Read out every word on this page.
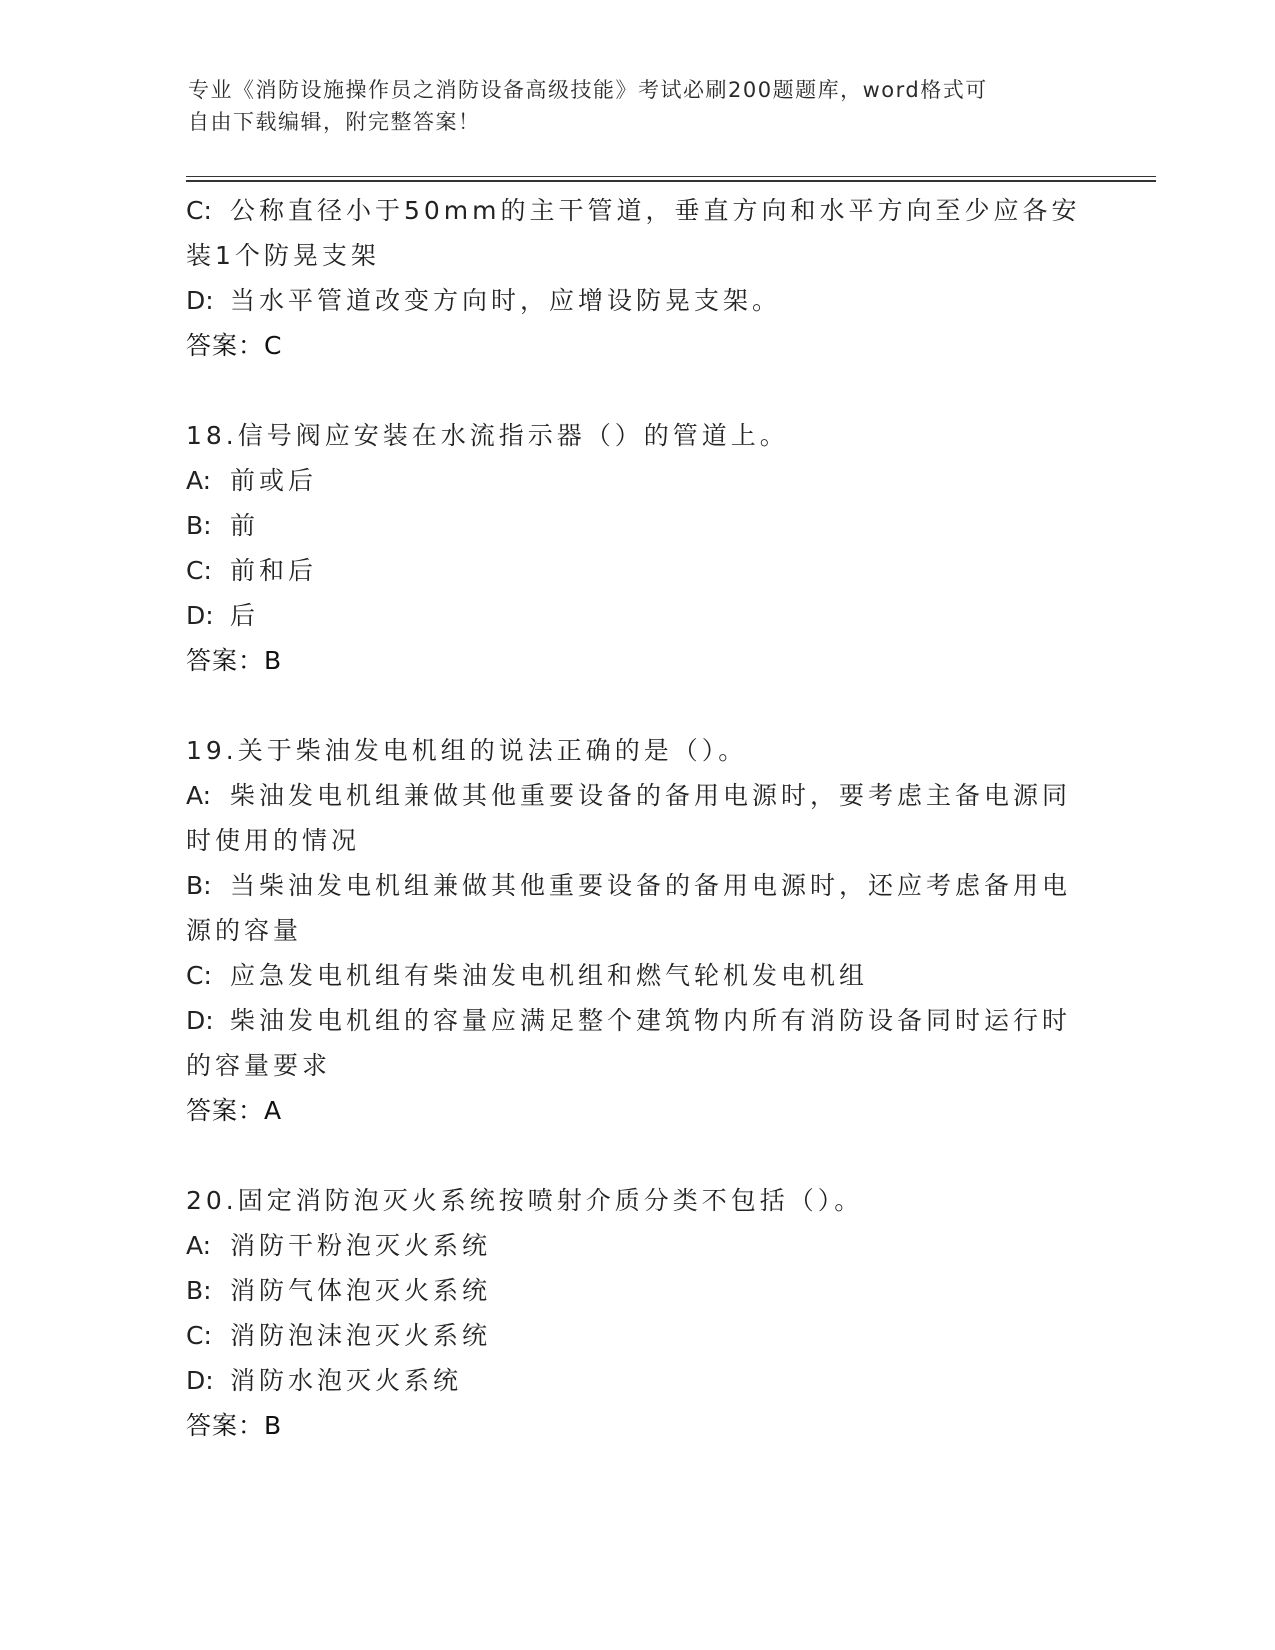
专业《消防设施操作员之消防设备高级技能》考试必刷200题题库，word格式可
自由下载编辑，附完整答案！
C: 公称直径小于50mm的主干管道，垂直方向和水平方向至少应各安装1个防晃支架
D: 当水平管道改变方向时，应增设防晃支架。
答案：C
18.信号阀应安装在水流指示器（）的管道上。
A: 前或后
B: 前
C: 前和后
D: 后
答案：B
19.关于柴油发电机组的说法正确的是（）。
A: 柴油发电机组兼做其他重要设备的备用电源时，要考虑主备电源同时使用的情况
B: 当柴油发电机组兼做其他重要设备的备用电源时，还应考虑备用电源的容量
C: 应急发电机组有柴油发电机组和燃气轮机发电机组
D: 柴油发电机组的容量应满足整个建筑物内所有消防设备同时运行时的容量要求
答案：A
20.固定消防泡灭火系统按喷射介质分类不包括（）。
A: 消防干粉泡灭火系统
B: 消防气体泡灭火系统
C: 消防泡沫泡灭火系统
D: 消防水泡灭火系统
答案：B
